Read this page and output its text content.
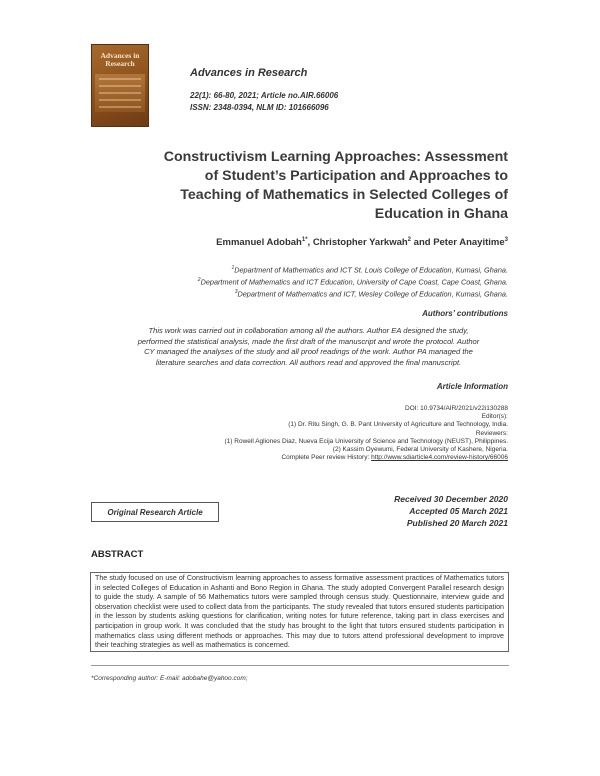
Advances in
Research
Advances in Research
22(1): 66-80, 2021; Article no.AIR.66006
ISSN: 2348-0394, NLM ID: 101666096
Constructivism Learning Approaches: Assessment
of Student’s Participation and Approaches to
Teaching of Mathematics in Selected Colleges of
Education in Ghana
Emmanuel Adobah$^{1*}$, Christopher Yarkwah$^2$ and Peter Anayitime$^3$
$^1$Department of Mathematics and ICT St. Louis College of Education, Kumasi, Ghana.
$^2$Department of Mathematics and ICT Education, University of Cape Coast, Cape Coast, Ghana.
$^3$Department of Mathematics and ICT, Wesley College of Education, Kumasi, Ghana.
Authors’ contributions
This work was carried out in collaboration among all the authors. Author EA designed the study,
performed the statistical analysis, made the first draft of the manuscript and wrote the protocol. Author
CY managed the analyses of the study and all proof readings of the work. Author PA managed the
literature searches and data correction. All authors read and approved the final manuscript.
Article Information
DOI: 10.9734/AIR/2021/v22i130288
Editor(s):
(1) Dr. Ritu Singh, G. B. Pant University of Agriculture and Technology, India.
Reviewers:
(1) Rowell Agliones Diaz, Nueva Ecija University of Science and Technology (NEUST), Philippines.
(2) Kassim Oyewumi, Federal University of Kashere, Nigeria.
Complete Peer review History: http://www.sdiarticle4.com/review-history/66006
Original Research Article
Received 30 December 2020
Accepted 05 March 2021
Published 20 March 2021
ABSTRACT
The study focused on use of Constructivism learning approaches to assess formative assessment practices of Mathematics tutors in selected Colleges of Education in Ashanti and Bono Region in Ghana. The study adopted Convergent Parallel research design to guide the study. A sample of 56 Mathematics tutors were sampled through census study. Questionnaire, interview guide and observation checklist were used to collect data from the participants. The study revealed that tutors ensured students participation in the lesson by students asking questions for clarification, writing notes for future reference, taking part in class exercises and participation in group work. It was concluded that the study has brought to the light that tutors ensured students participation in mathematics class using different methods or approaches. This may due to tutors attend professional development to improve their teaching strategies as well as mathematics is concerned.
*Corresponding author: E-mail: adobahe@yahoo.com;
